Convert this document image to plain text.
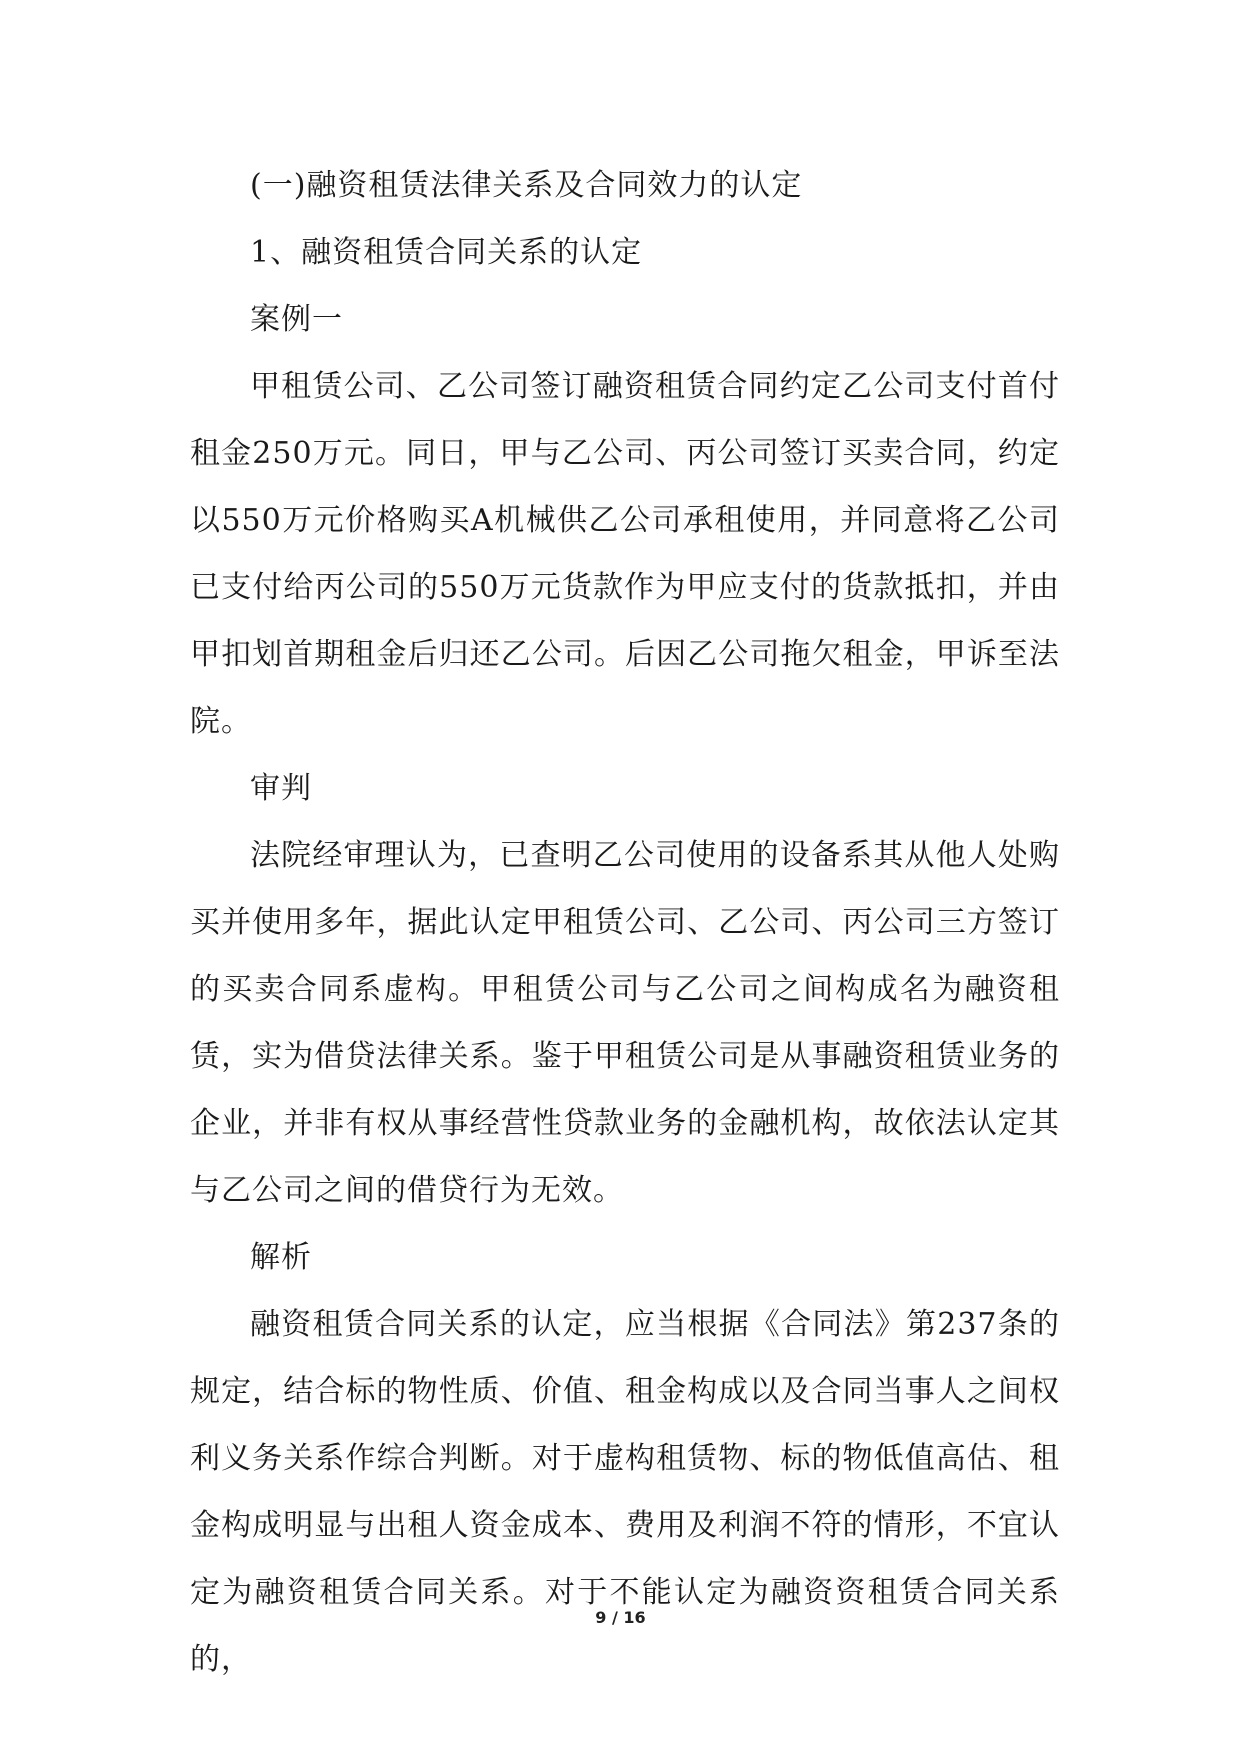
(一)融资租赁法律关系及合同效力的认定

1、融资租赁合同关系的认定

案例一

甲租赁公司、乙公司签订融资租赁合同约定乙公司支付首付租金250万元。同日，甲与乙公司、丙公司签订买卖合同，约定以550万元价格购买A机械供乙公司承租使用，并同意将乙公司已支付给丙公司的550万元货款作为甲应支付的货款抵扣，并由甲扣划首期租金后归还乙公司。后因乙公司拖欠租金，甲诉至法院。

审判

法院经审理认为，已查明乙公司使用的设备系其从他人处购买并使用多年，据此认定甲租赁公司、乙公司、丙公司三方签订的买卖合同系虚构。甲租赁公司与乙公司之间构成名为融资租赁，实为借贷法律关系。鉴于甲租赁公司是从事融资租赁业务的企业，并非有权从事经营性贷款业务的金融机构，故依法认定其与乙公司之间的借贷行为无效。

解析

融资租赁合同关系的认定，应当根据《合同法》第237条的规定，结合标的物性质、价值、租金构成以及合同当事人之间权利义务关系作综合判断。对于虚构租赁物、标的物低值高估、租金构成明显与出租人资金成本、费用及利润不符的情形，不宜认定为融资租赁合同关系。对于不能认定为融资资租赁合同关系的，

9 / 16
